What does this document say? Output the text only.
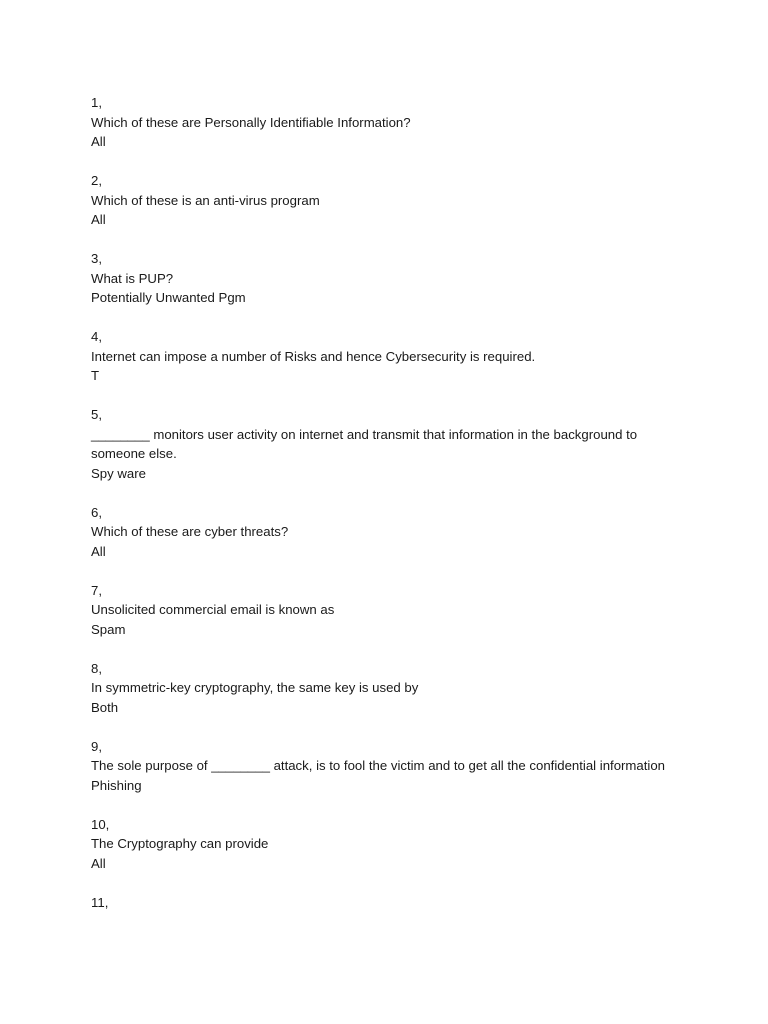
1,

Which of these are Personally Identifiable Information?

All

2,

Which of these is an anti-virus program

All

3,

What is PUP?

Potentially Unwanted Pgm

4,

Internet can impose a number of Risks and hence Cybersecurity is required.

T

5,

________ monitors user activity on internet and transmit that information in the background to someone else.

Spy ware

6,

Which of these are cyber threats?

All

7,

Unsolicited commercial email is known as

Spam

8,

In symmetric-key cryptography, the same key is used by

Both

9,

The sole purpose of ________ attack, is to fool the victim and to get all the confidential information

Phishing

10,

The Cryptography can provide

All

11,
